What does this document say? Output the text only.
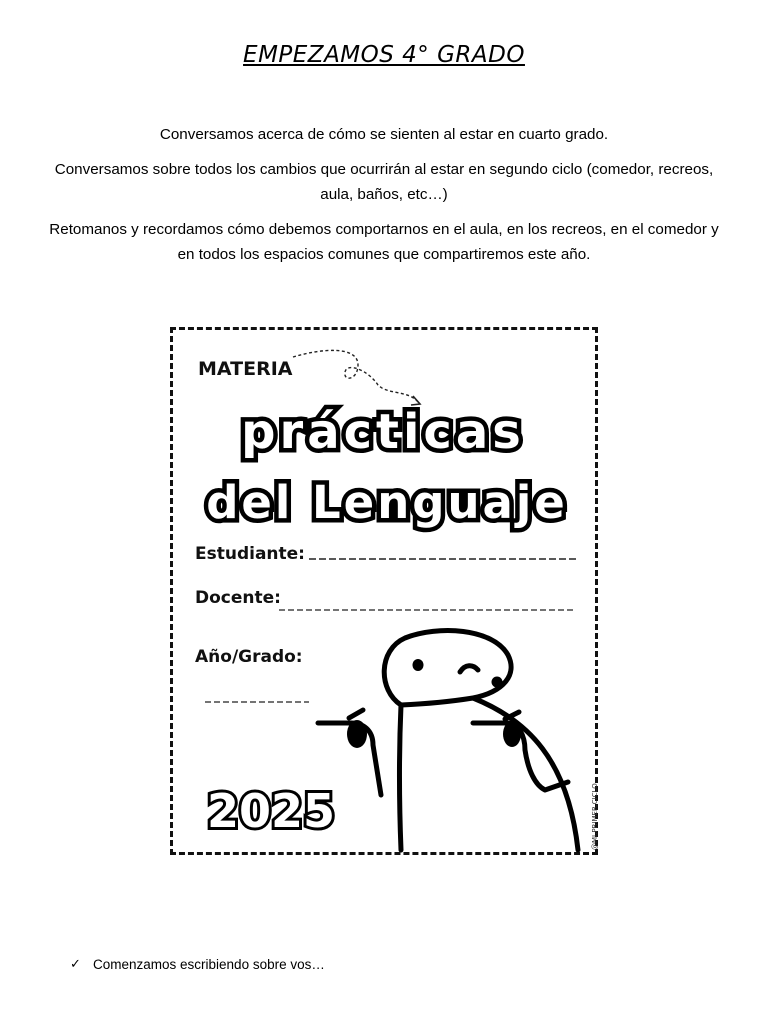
EMPEZAMOS 4° GRADO

Conversamos acerca de cómo se sienten al estar en cuarto grado.

Conversamos sobre todos los cambios que ocurrirán al estar en segundo ciclo (comedor, recreos, aula, baños, etc…)

Retomanos y recordamos cómo debemos comportarnos en el aula, en los recreos, en el comedor y en todos los espacios comunes que compartiremos este año.

MATERIA
prácticas
del Lenguaje
Estudiante:
Docente:
Año/Grado:
2025	@MI.PRIMER.CICLO
✓ Comenzamos escribiendo sobre vos…
